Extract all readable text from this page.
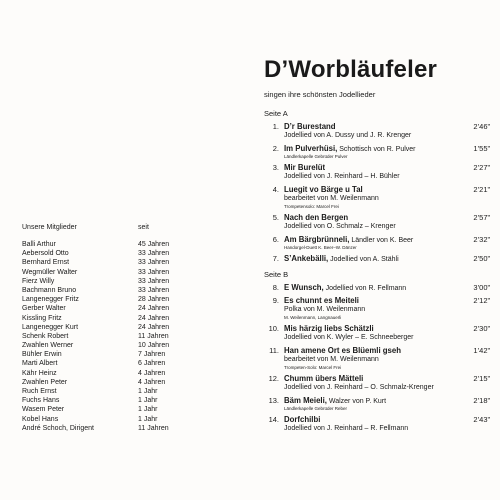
D’Worbläufeler
singen ihre schönsten Jodellieder
Unsere Mitglieder	seit
Balli Arthur	45 Jahren
Aebersold Otto	33 Jahren
Bernhard Ernst	33 Jahren
Wegmüller Walter	33 Jahren
Fierz Willy	33 Jahren
Bachmann Bruno	33 Jahren
Langenegger Fritz	28 Jahren
Gerber Walter	24 Jahren
Kissling Fritz	24 Jahren
Langenegger Kurt	24 Jahren
Schenk Robert	11 Jahren
Zwahlen Werner	10 Jahren
Bühler Erwin	7 Jahren
Marti Albert	6 Jahren
Kähr Heinz	4 Jahren
Zwahlen Peter	4 Jahren
Ruch Ernst	1 Jahr
Fuchs Hans	1 Jahr
Wasem Peter	1 Jahr
Kobel Hans	1 Jahr
André Schoch, Dirigent	11 Jahren
Seite A
1. D’r Burestand	2’46”
Jodellied von A. Dussy und J. R. Krenger
2. Im Pulverhüsi, Schottisch von R. Pulver	1’55”
Ländlerkapelle Gebrüder Pulver
3. Mir Burelüt	2’27”
Jodellied von J. Reinhard – H. Bühler
4. Luegit vo Bärge u Tal	2’21”
bearbeitet von M. Weilenmann
Trompetensolo: Marcel Frei
5. Nach den Bergen	2’57”
Jodellied von O. Schmalz – Krenger
6. Am Bärgbrünneli, Ländler von K. Beer	2’32”
Handorgel-Duett K. Beer–W. Dänzer
7. S’Ankebälli, Jodellied von A. Stähli	2’50”
Seite B
8. E Wunsch, Jodellied von R. Fellmann	3’00”
9. Es chunnt es Meiteli	2’12”
Polka von M. Weilenmann
M. Weilenmann, Langnauerli
10. Mis härzig liebs Schätzli	2’30”
Jodellied von K. Wyler – E. Schneeberger
11. Han amene Ort es Blüemli gseh	1’42”
bearbeitet von M. Weilenmann
Trompeten-Solo: Marcel Frei
12. Chumm übers Mätteli	2’15”
Jodellied von J. Reinhard – O. Schmalz-Krenger
13. Bäm Meieli, Walzer von P. Kurt	2’18”
Ländlerkapelle Gebrüder Reber
14. Dorfchilbi	2’43”
Jodellied von J. Reinhard – R. Fellmann
